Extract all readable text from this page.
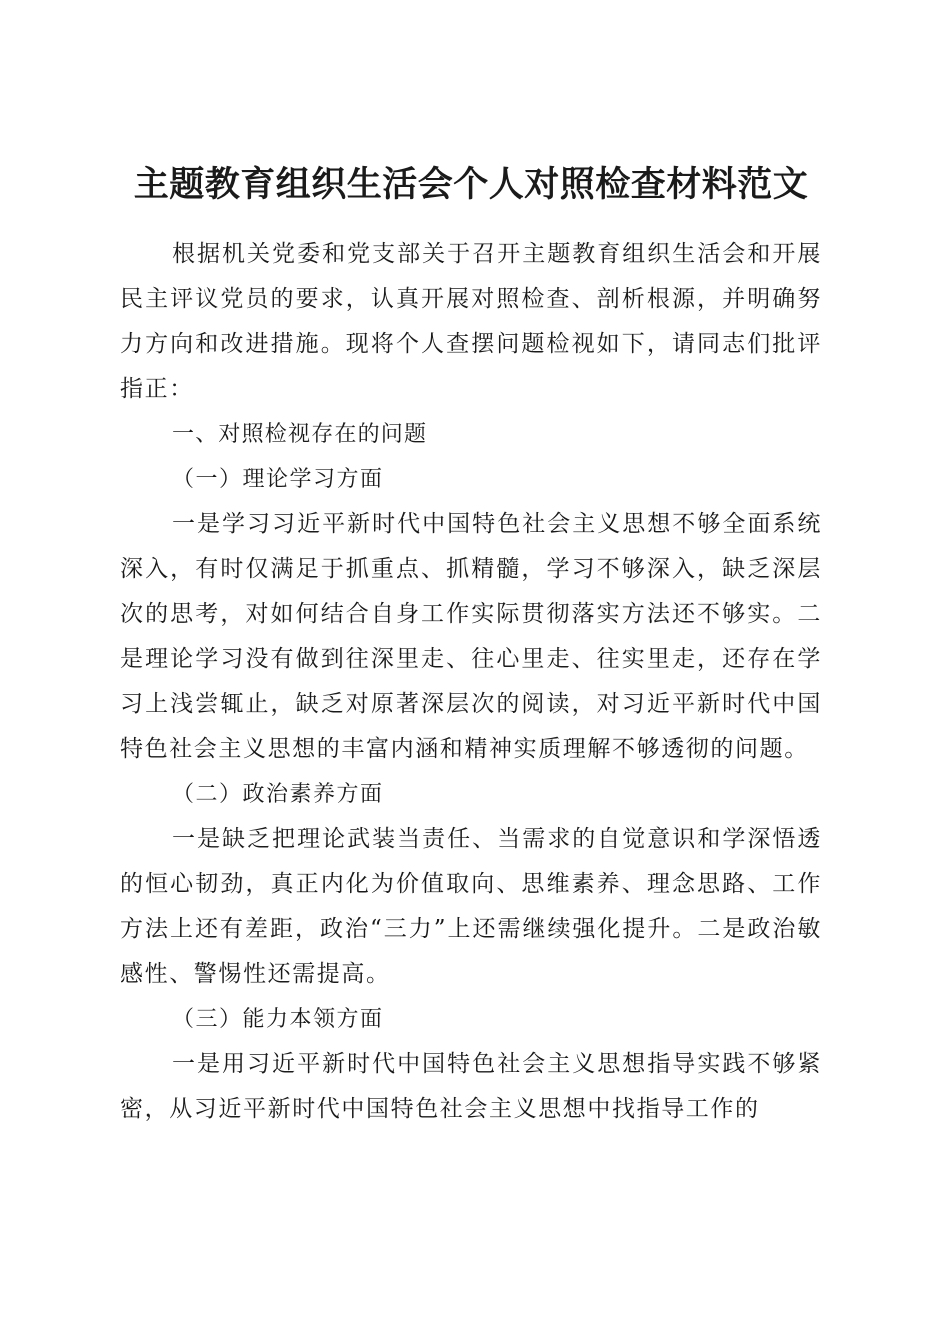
主题教育组织生活会个人对照检查材料范文

根据机关党委和党支部关于召开主题教育组织生活会和开展民主评议党员的要求，认真开展对照检查、剖析根源，并明确努力方向和改进措施。现将个人查摆问题检视如下，请同志们批评指正：

一、对照检视存在的问题

（一）理论学习方面

一是学习习近平新时代中国特色社会主义思想不够全面系统深入，有时仅满足于抓重点、抓精髓，学习不够深入，缺乏深层次的思考，对如何结合自身工作实际贯彻落实方法还不够实。二是理论学习没有做到往深里走、往心里走、往实里走，还存在学习上浅尝辄止，缺乏对原著深层次的阅读，对习近平新时代中国特色社会主义思想的丰富内涵和精神实质理解不够透彻的问题。

（二）政治素养方面

一是缺乏把理论武装当责任、当需求的自觉意识和学深悟透的恒心韧劲，真正内化为价值取向、思维素养、理念思路、工作方法上还有差距，政治“三力”上还需继续强化提升。二是政治敏感性、警惕性还需提高。

（三）能力本领方面

一是用习近平新时代中国特色社会主义思想指导实践不够紧密，从习近平新时代中国特色社会主义思想中找指导工作的
